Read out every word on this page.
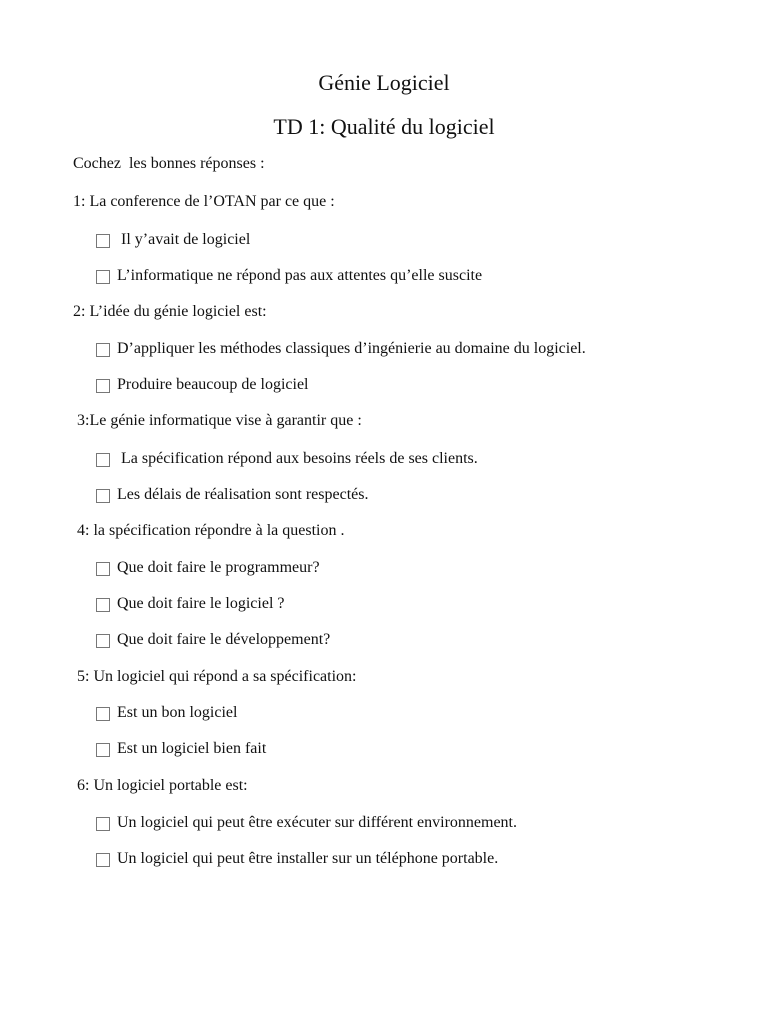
Génie Logiciel
TD 1: Qualité du logiciel
Cochez  les bonnes réponses :
1: La conference de l’OTAN par ce que :
Il y’avait de logiciel
L’informatique ne répond pas aux attentes qu’elle suscite
2: L’idée du génie logiciel est:
D’appliquer les méthodes classiques d’ingénierie au domaine du logiciel.
Produire beaucoup de logiciel
3:Le génie informatique vise à garantir que :
La spécification répond aux besoins réels de ses clients.
Les délais de réalisation sont respectés.
4: la spécification répondre à la question .
Que doit faire le programmeur?
Que doit faire le logiciel ?
Que doit faire le développement?
5: Un logiciel qui répond a sa spécification:
Est un bon logiciel
Est un logiciel bien fait
6: Un logiciel portable est:
Un logiciel qui peut être exécuter sur différent environnement.
Un logiciel qui peut être installer sur un téléphone portable.
